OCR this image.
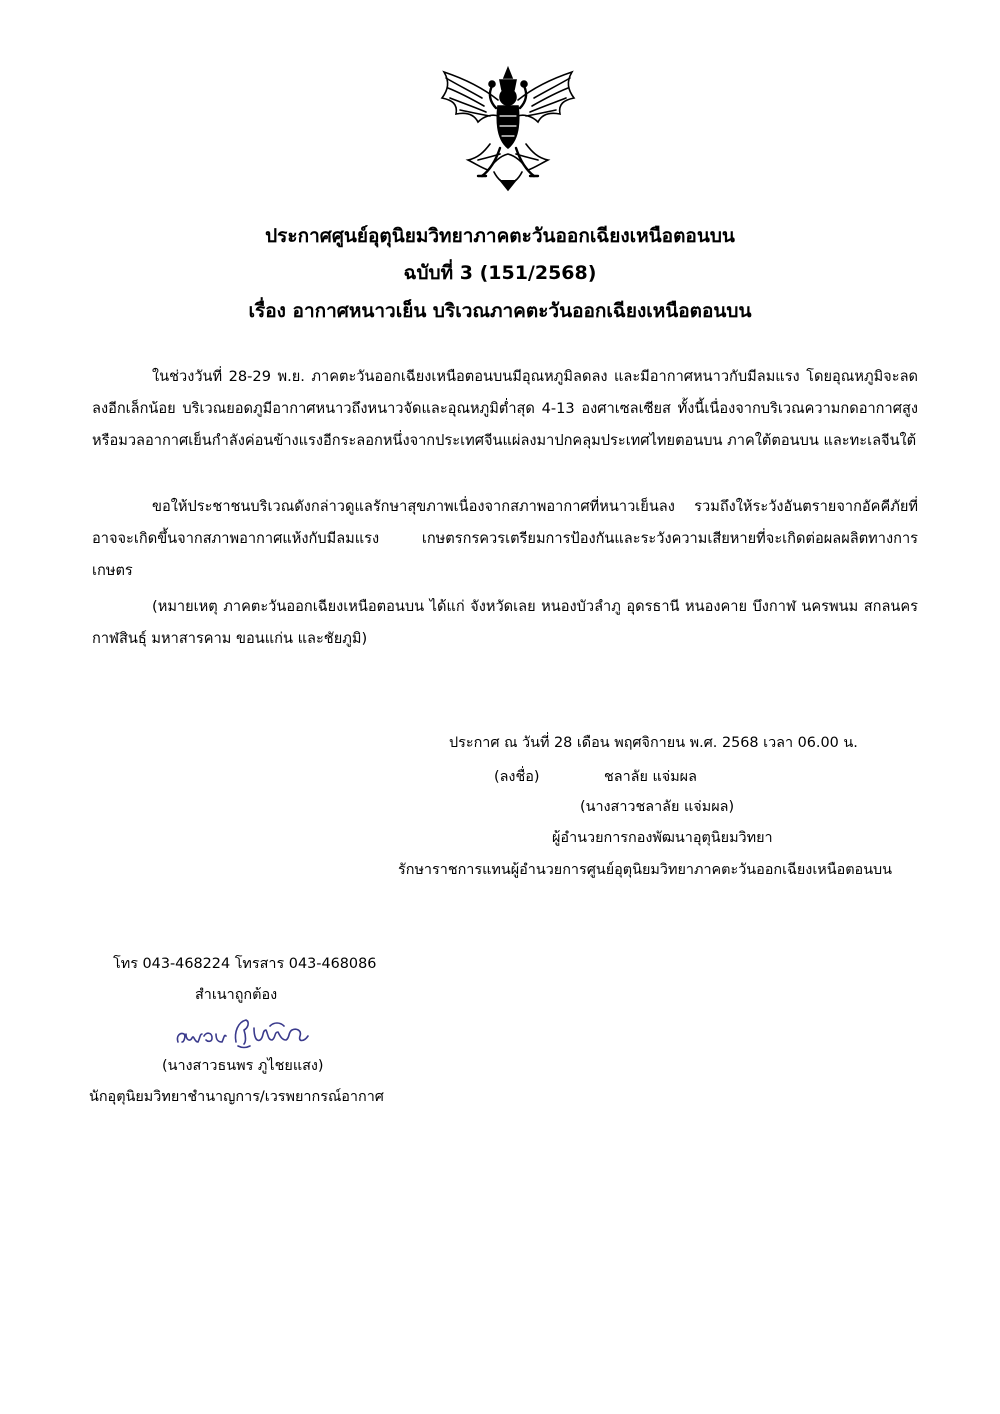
ประกาศศูนย์อุตุนิยมวิทยาภาคตะวันออกเฉียงเหนือตอนบน
ฉบับที่ 3 (151/2568)
เรื่อง อากาศหนาวเย็น บริเวณภาคตะวันออกเฉียงเหนือตอนบน

ในช่วงวันที่ 28-29 พ.ย. ภาคตะวันออกเฉียงเหนือตอนบนมีอุณหภูมิลดลง และมีอากาศหนาวกับมีลมแรง โดยอุณหภูมิจะลดลงอีกเล็กน้อย บริเวณยอดภูมีอากาศหนาวถึงหนาวจัดและอุณหภูมิต่ำสุด 4-13 องศาเซลเซียส ทั้งนี้เนื่องจากบริเวณความกดอากาศสูงหรือมวลอากาศเย็นกำลังค่อนข้างแรงอีกระลอกหนึ่งจากประเทศจีนแผ่ลงมาปกคลุมประเทศไทยตอนบน ภาคใต้ตอนบน และทะเลจีนใต้

ขอให้ประชาชนบริเวณดังกล่าวดูแลรักษาสุขภาพเนื่องจากสภาพอากาศที่หนาวเย็นลง รวมถึงให้ระวังอันตรายจากอัคคีภัยที่อาจจะเกิดขึ้นจากสภาพอากาศแห้งกับมีลมแรง เกษตรกรควรเตรียมการป้องกันและระวังความเสียหายที่จะเกิดต่อผลผลิตทางการเกษตร

(หมายเหตุ ภาคตะวันออกเฉียงเหนือตอนบน ได้แก่ จังหวัดเลย หนองบัวลำภู อุดรธานี หนองคาย บึงกาฬ นครพนม สกลนคร กาฬสินธุ์ มหาสารคาม ขอนแก่น และชัยภูมิ)

ประกาศ ณ วันที่ 28 เดือน พฤศจิกายน พ.ศ. 2568 เวลา 06.00 น.
(ลงชื่อ)	ชลาลัย แจ่มผล
(นางสาวชลาลัย แจ่มผล)
ผู้อำนวยการกองพัฒนาอุตุนิยมวิทยา
รักษาราชการแทนผู้อำนวยการศูนย์อุตุนิยมวิทยาภาคตะวันออกเฉียงเหนือตอนบน
โทร 043-468224 โทรสาร 043-468086
สำเนาถูกต้อง
(นางสาวธนพร ภูไชยแสง)
นักอุตุนิยมวิทยาชำนาญการ/เวรพยากรณ์อากาศ
